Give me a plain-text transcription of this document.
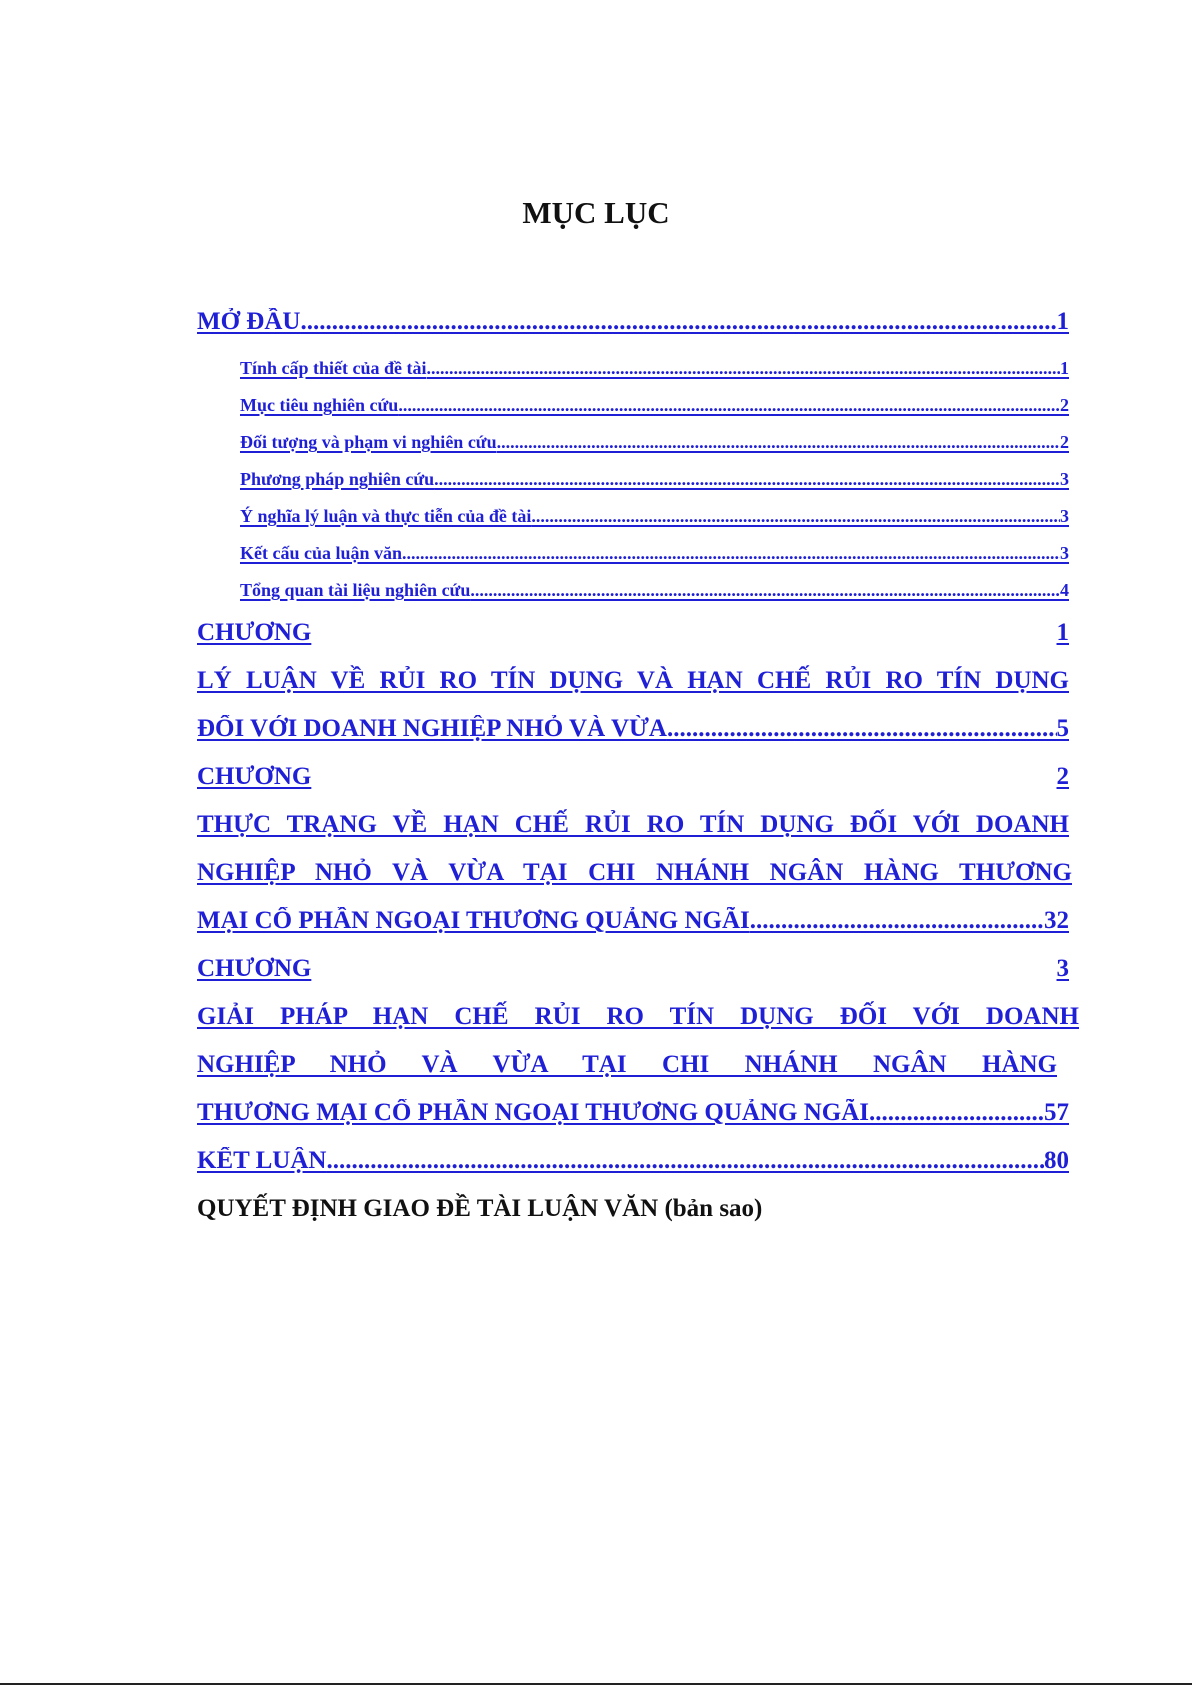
MỤC LỤC
MỞ ĐẦU .....	1
Tính cấp thiết của đề tài .....	1
Mục tiêu nghiên cứu .....	2
Đối tượng và phạm vi nghiên cứu .....	2
Phương pháp nghiên cứu .....	3
Ý nghĩa lý luận và thực tiễn của đề tài .....	3
Kết cấu của luận văn .....	3
Tổng quan tài liệu nghiên cứu .....	4
CHƯƠNG	1
LÝ LUẬN VỀ RỦI RO TÍN DỤNG VÀ HẠN CHẾ RỦI RO TÍN DỤNG
ĐỐI VỚI DOANH NGHIỆP NHỎ VÀ VỪA .....	5
CHƯƠNG	2
THỰC TRẠNG VỀ HẠN CHẾ RỦI RO TÍN DỤNG ĐỐI VỚI DOANH
NGHIỆP NHỎ VÀ VỪA TẠI CHI NHÁNH NGÂN HÀNG THƯƠNG
MẠI CỔ PHẦN NGOẠI THƯƠNG QUẢNG NGÃI .....	32
CHƯƠNG	3
GIẢI PHÁP HẠN CHẾ RỦI RO TÍN DỤNG ĐỐI VỚI DOANH
NGHIỆP NHỎ VÀ VỪA TẠI CHI NHÁNH NGÂN HÀNG
THƯƠNG MẠI CỔ PHẦN NGOẠI THƯƠNG QUẢNG NGÃI .....	57
KẾT LUẬN .....	80
QUYẾT ĐỊNH GIAO ĐỀ TÀI LUẬN VĂN (bản sao)
